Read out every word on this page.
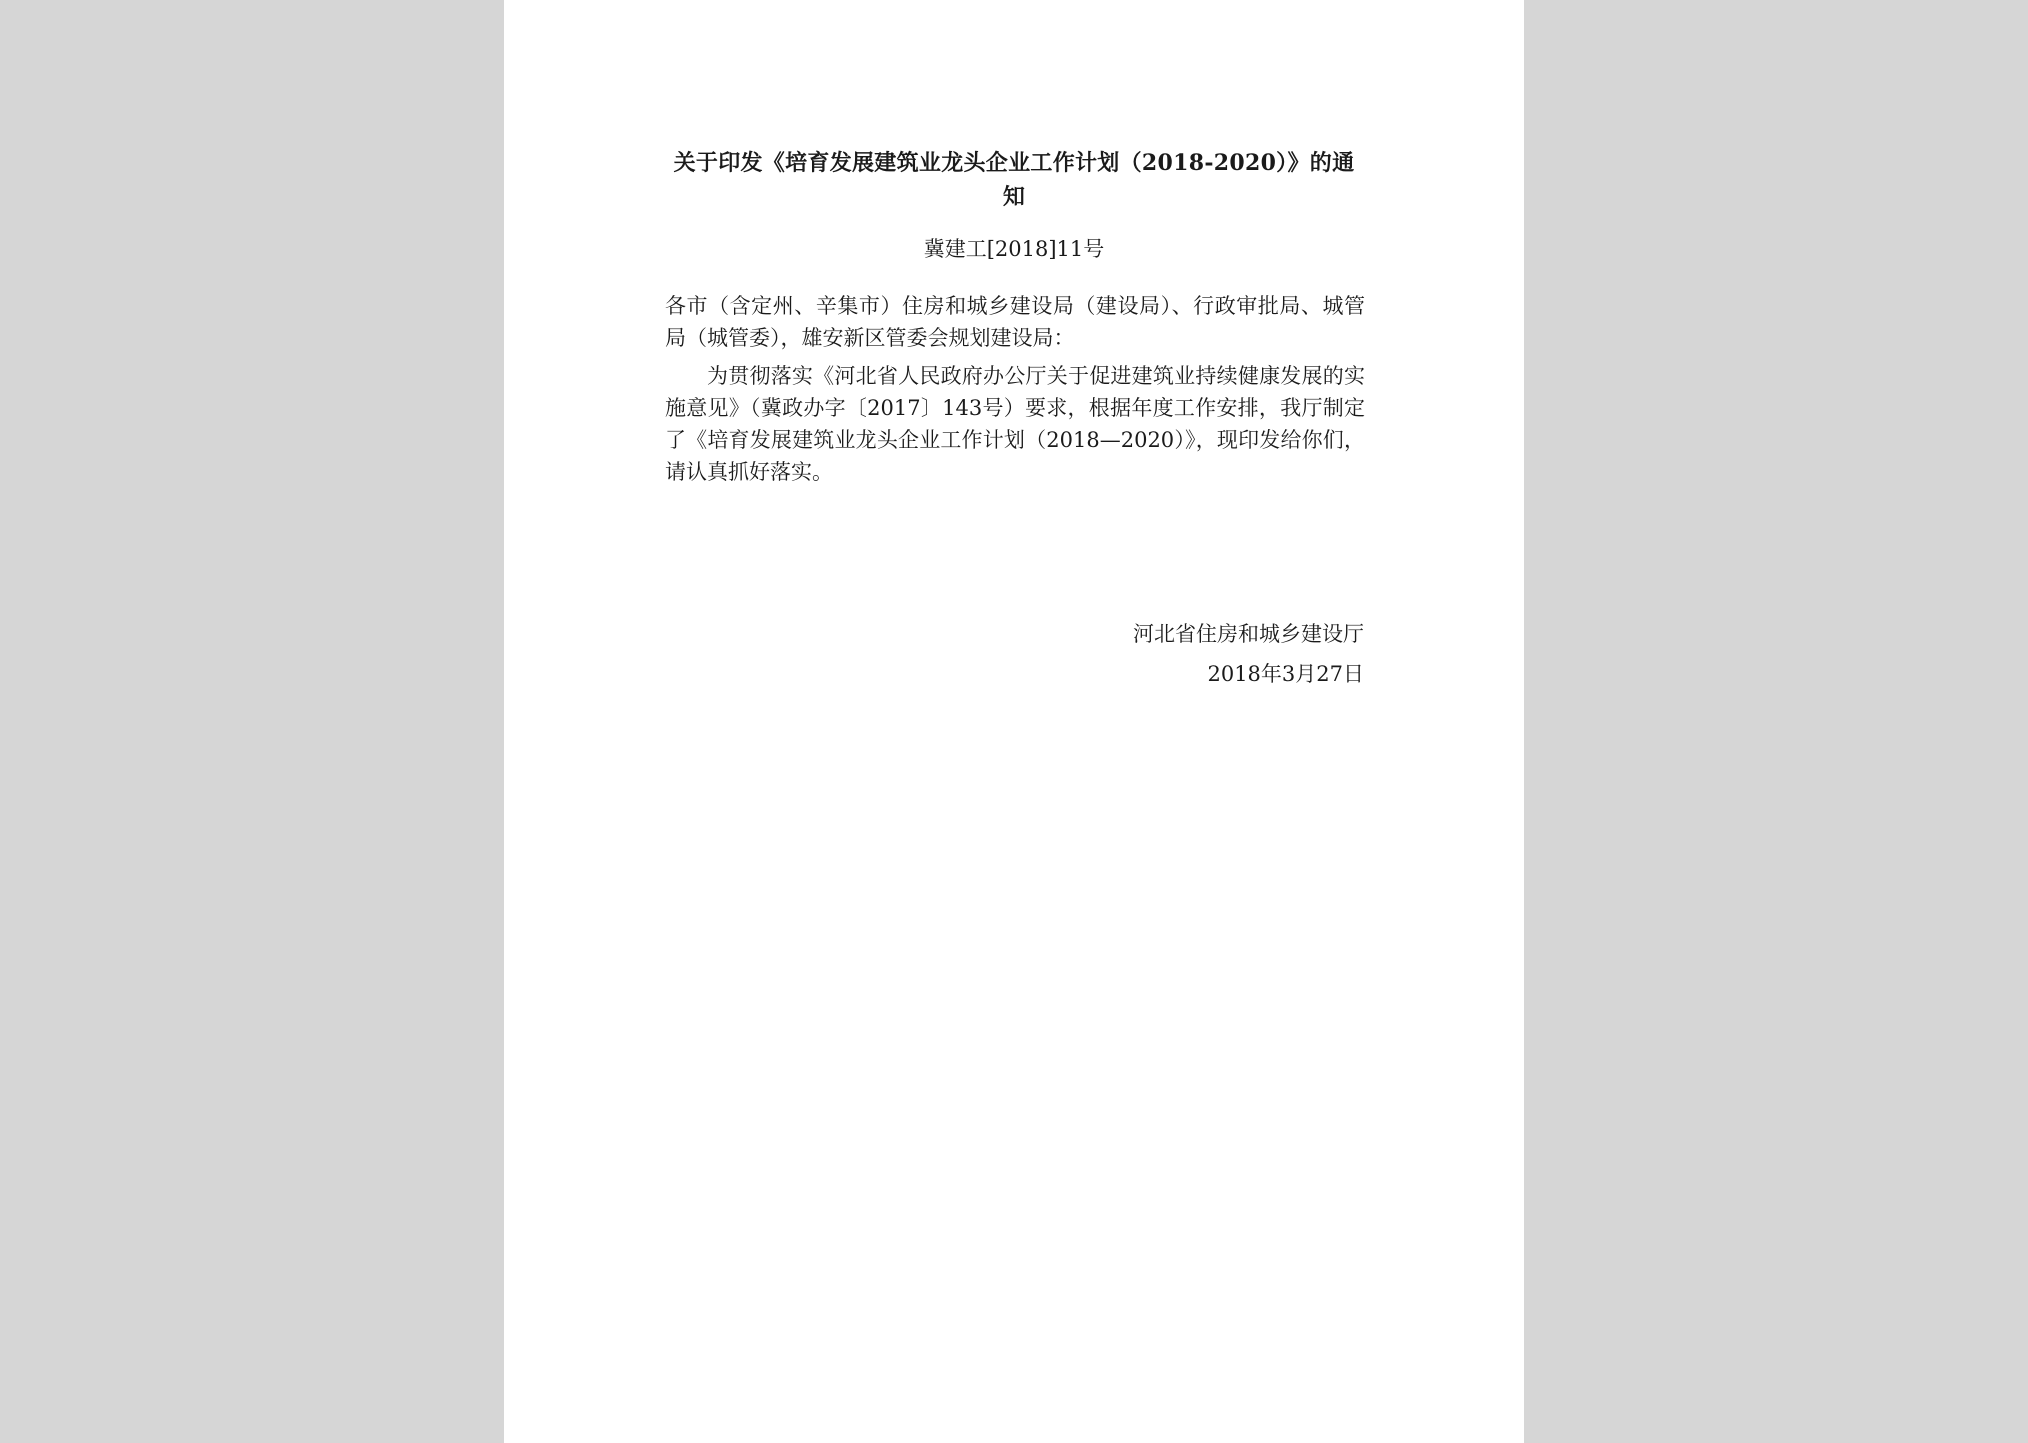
关于印发《培育发展建筑业龙头企业工作计划（2018-2020）》的通知
冀建工[2018]11号
各市（含定州、辛集市）住房和城乡建设局（建设局）、行政审批局、城管局（城管委），雄安新区管委会规划建设局：
为贯彻落实《河北省人民政府办公厅关于促进建筑业持续健康发展的实施意见》（冀政办字〔2017〕143号）要求，根据年度工作安排，我厅制定了《培育发展建筑业龙头企业工作计划（2018—2020）》，现印发给你们，请认真抓好落实。
河北省住房和城乡建设厅
2018年3月27日
